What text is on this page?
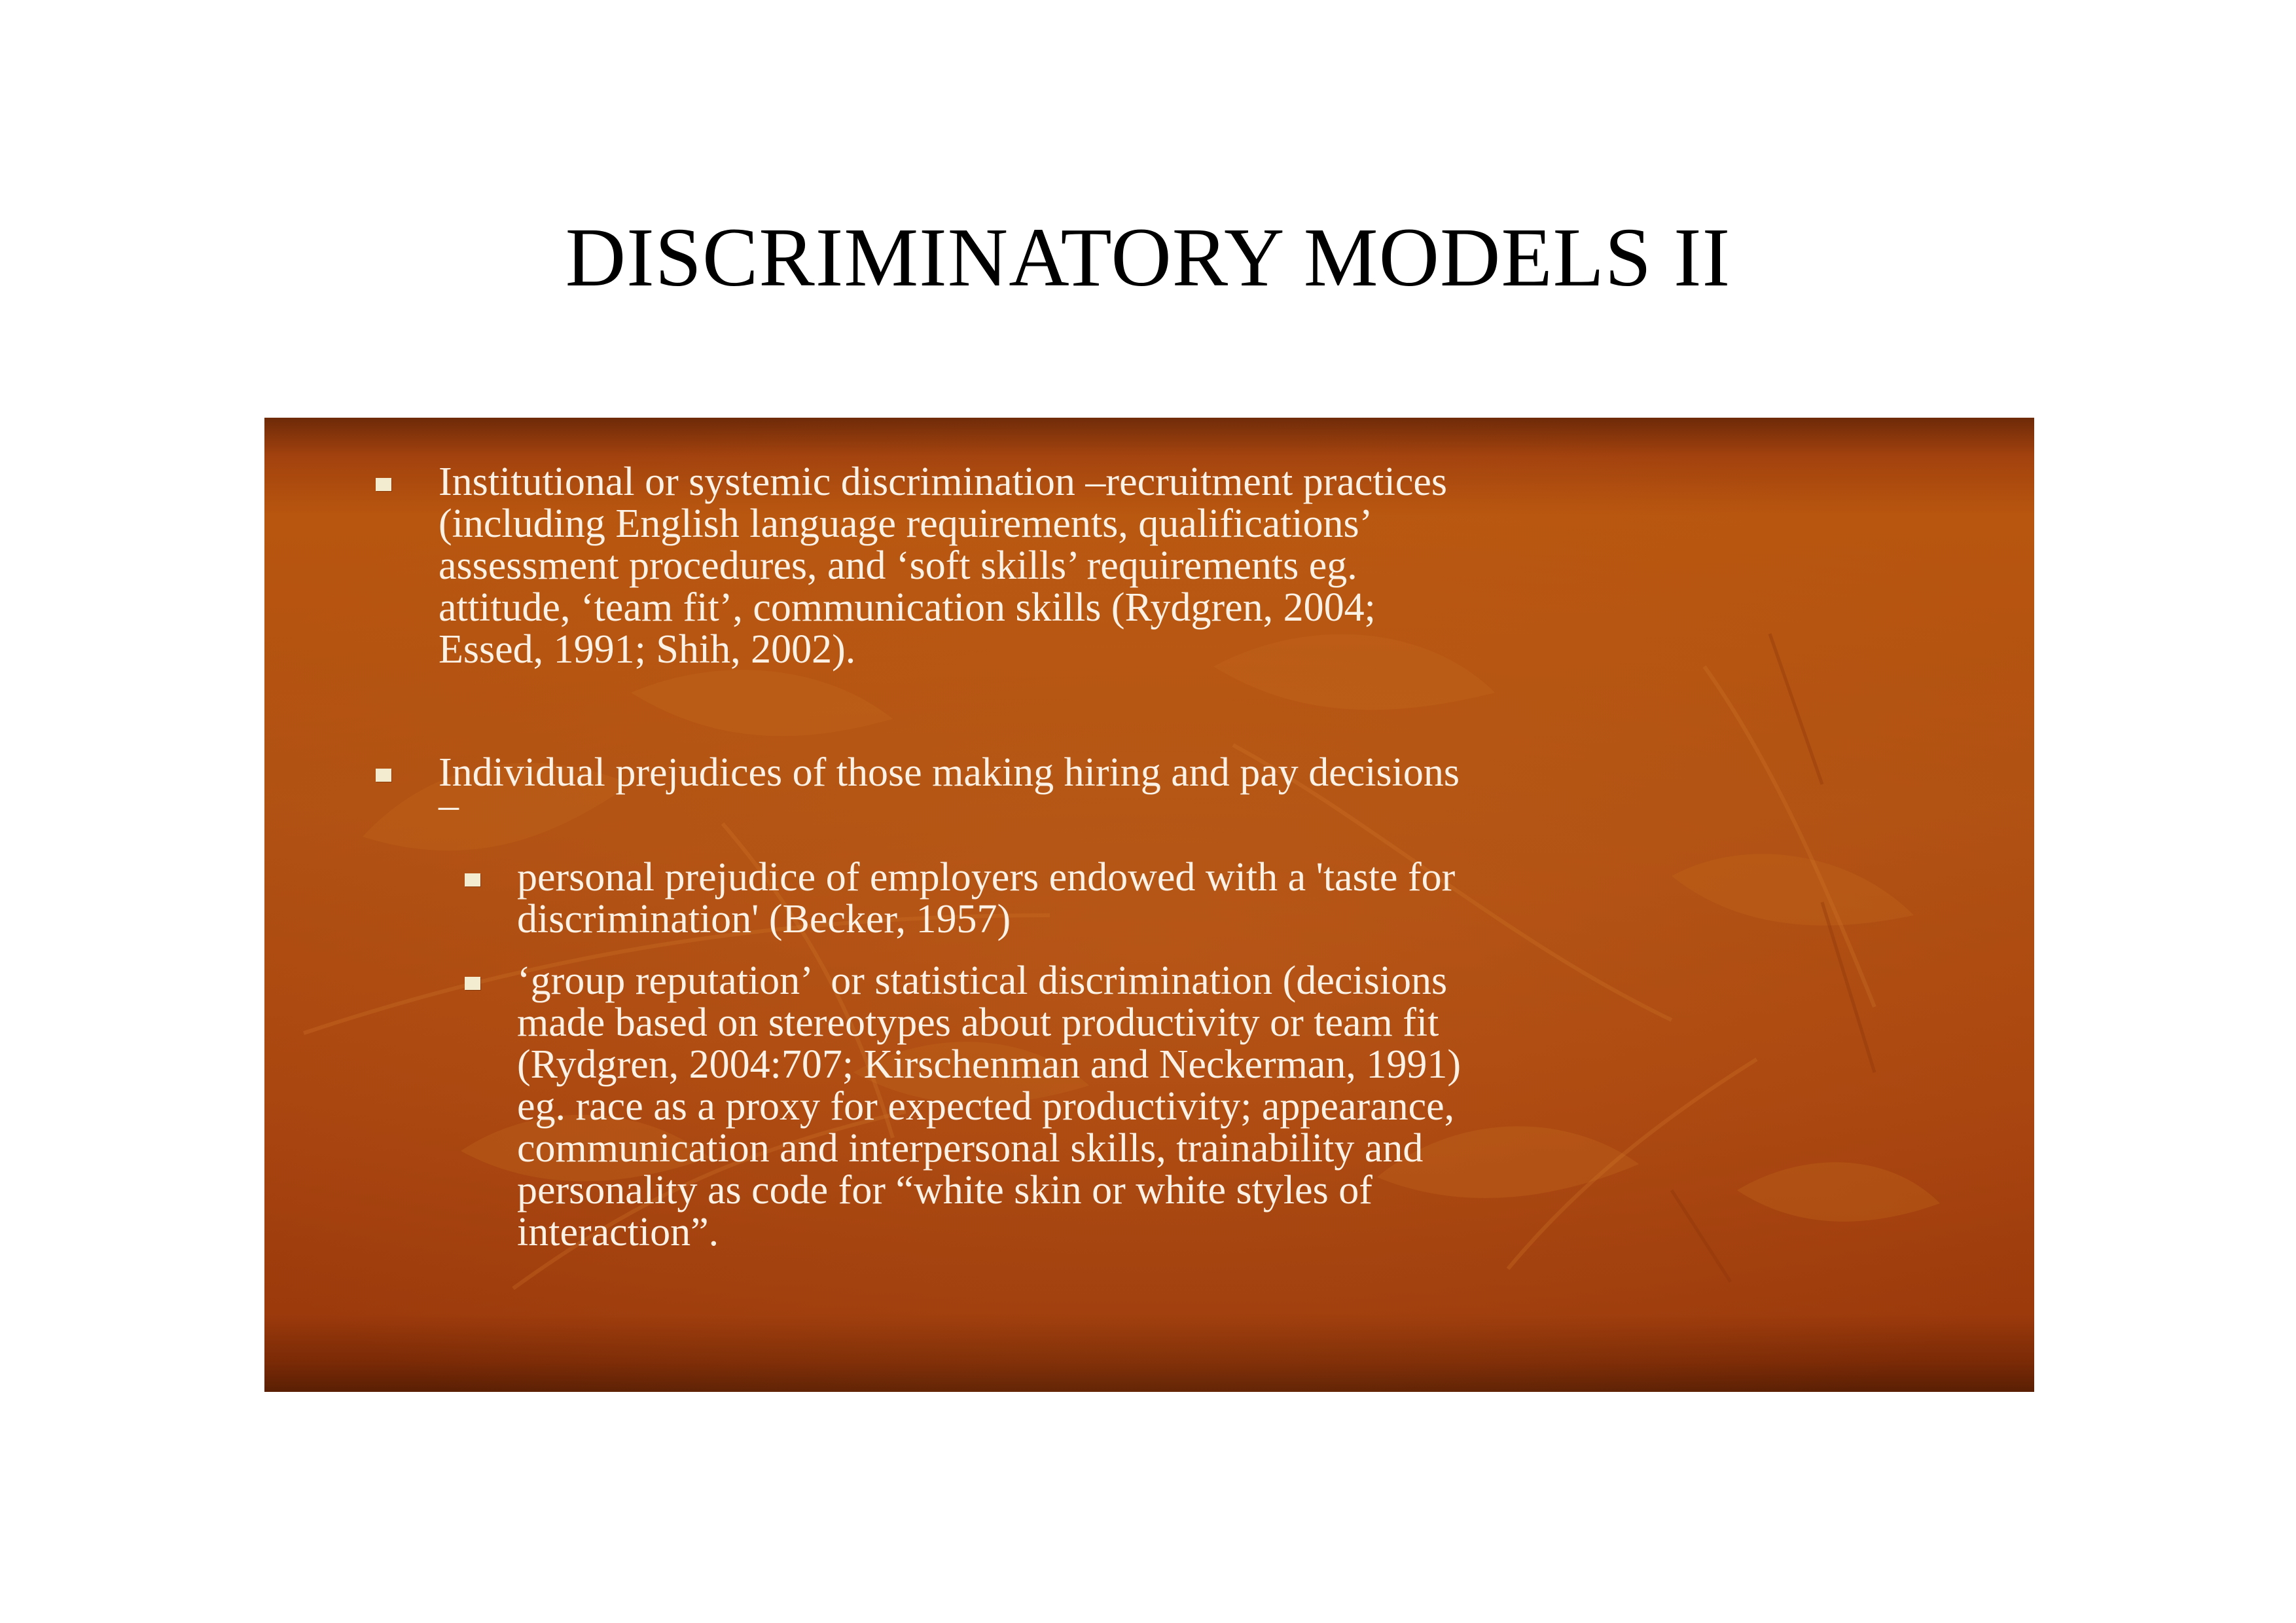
DISCRIMINATORY MODELS II
Institutional or systemic discrimination –recruitment practices
(including English language requirements, qualifications’
assessment procedures, and ‘soft skills’ requirements eg.
attitude, ‘team fit’, communication skills (Rydgren, 2004;
Essed, 1991; Shih, 2002).
Individual prejudices of those making hiring and pay decisions
–
personal prejudice of employers endowed with a 'taste for
discrimination' (Becker, 1957)
‘group reputation’  or statistical discrimination (decisions
made based on stereotypes about productivity or team fit
(Rydgren, 2004:707; Kirschenman and Neckerman, 1991)
eg. race as a proxy for expected productivity; appearance,
communication and interpersonal skills, trainability and
personality as code for “white skin or white styles of
interaction”.
